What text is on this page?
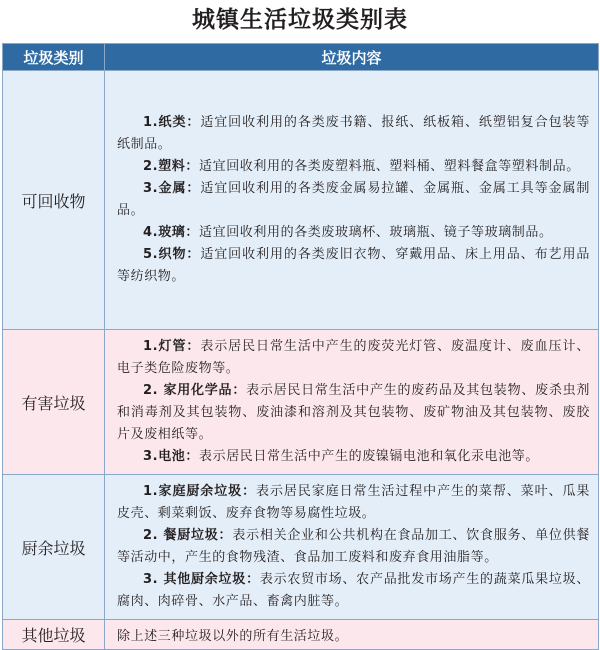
城镇生活垃圾类别表
垃圾类别	垃圾内容
可回收物	1.纸类：适宜回收利用的各类废书籍、报纸、纸板箱、纸塑铝复合包装等纸制品。
2.塑料：适宜回收利用的各类废塑料瓶、塑料桶、塑料餐盒等塑料制品。
3.金属：适宜回收利用的各类废金属易拉罐、金属瓶、金属工具等金属制品。
4.玻璃：适宜回收利用的各类废玻璃杯、玻璃瓶、镜子等玻璃制品。
5.织物：适宜回收利用的各类废旧衣物、穿戴用品、床上用品、布艺用品等纺织物。

有害垃圾	1.灯管：表示居民日常生活中产生的废荧光灯管、废温度计、废血压计、电子类危险废物等。
2. 家用化学品：表示居民日常生活中产生的废药品及其包装物、废杀虫剂和消毒剂及其包装物、废油漆和溶剂及其包装物、废矿物油及其包装物、废胶片及废相纸等。
3.电池：表示居民日常生活中产生的废镍镉电池和氧化汞电池等。

厨余垃圾	1.家庭厨余垃圾：表示居民家庭日常生活过程中产生的菜帮、菜叶、瓜果皮壳、剩菜剩饭、废弃食物等易腐性垃圾。
2. 餐厨垃圾：表示相关企业和公共机构在食品加工、饮食服务、单位供餐等活动中，产生的食物残渣、食品加工废料和废弃食用油脂等。
3. 其他厨余垃圾：表示农贸市场、农产品批发市场产生的蔬菜瓜果垃圾、腐肉、肉碎骨、水产品、畜禽内脏等。

其他垃圾	除上述三种垃圾以外的所有生活垃圾。
